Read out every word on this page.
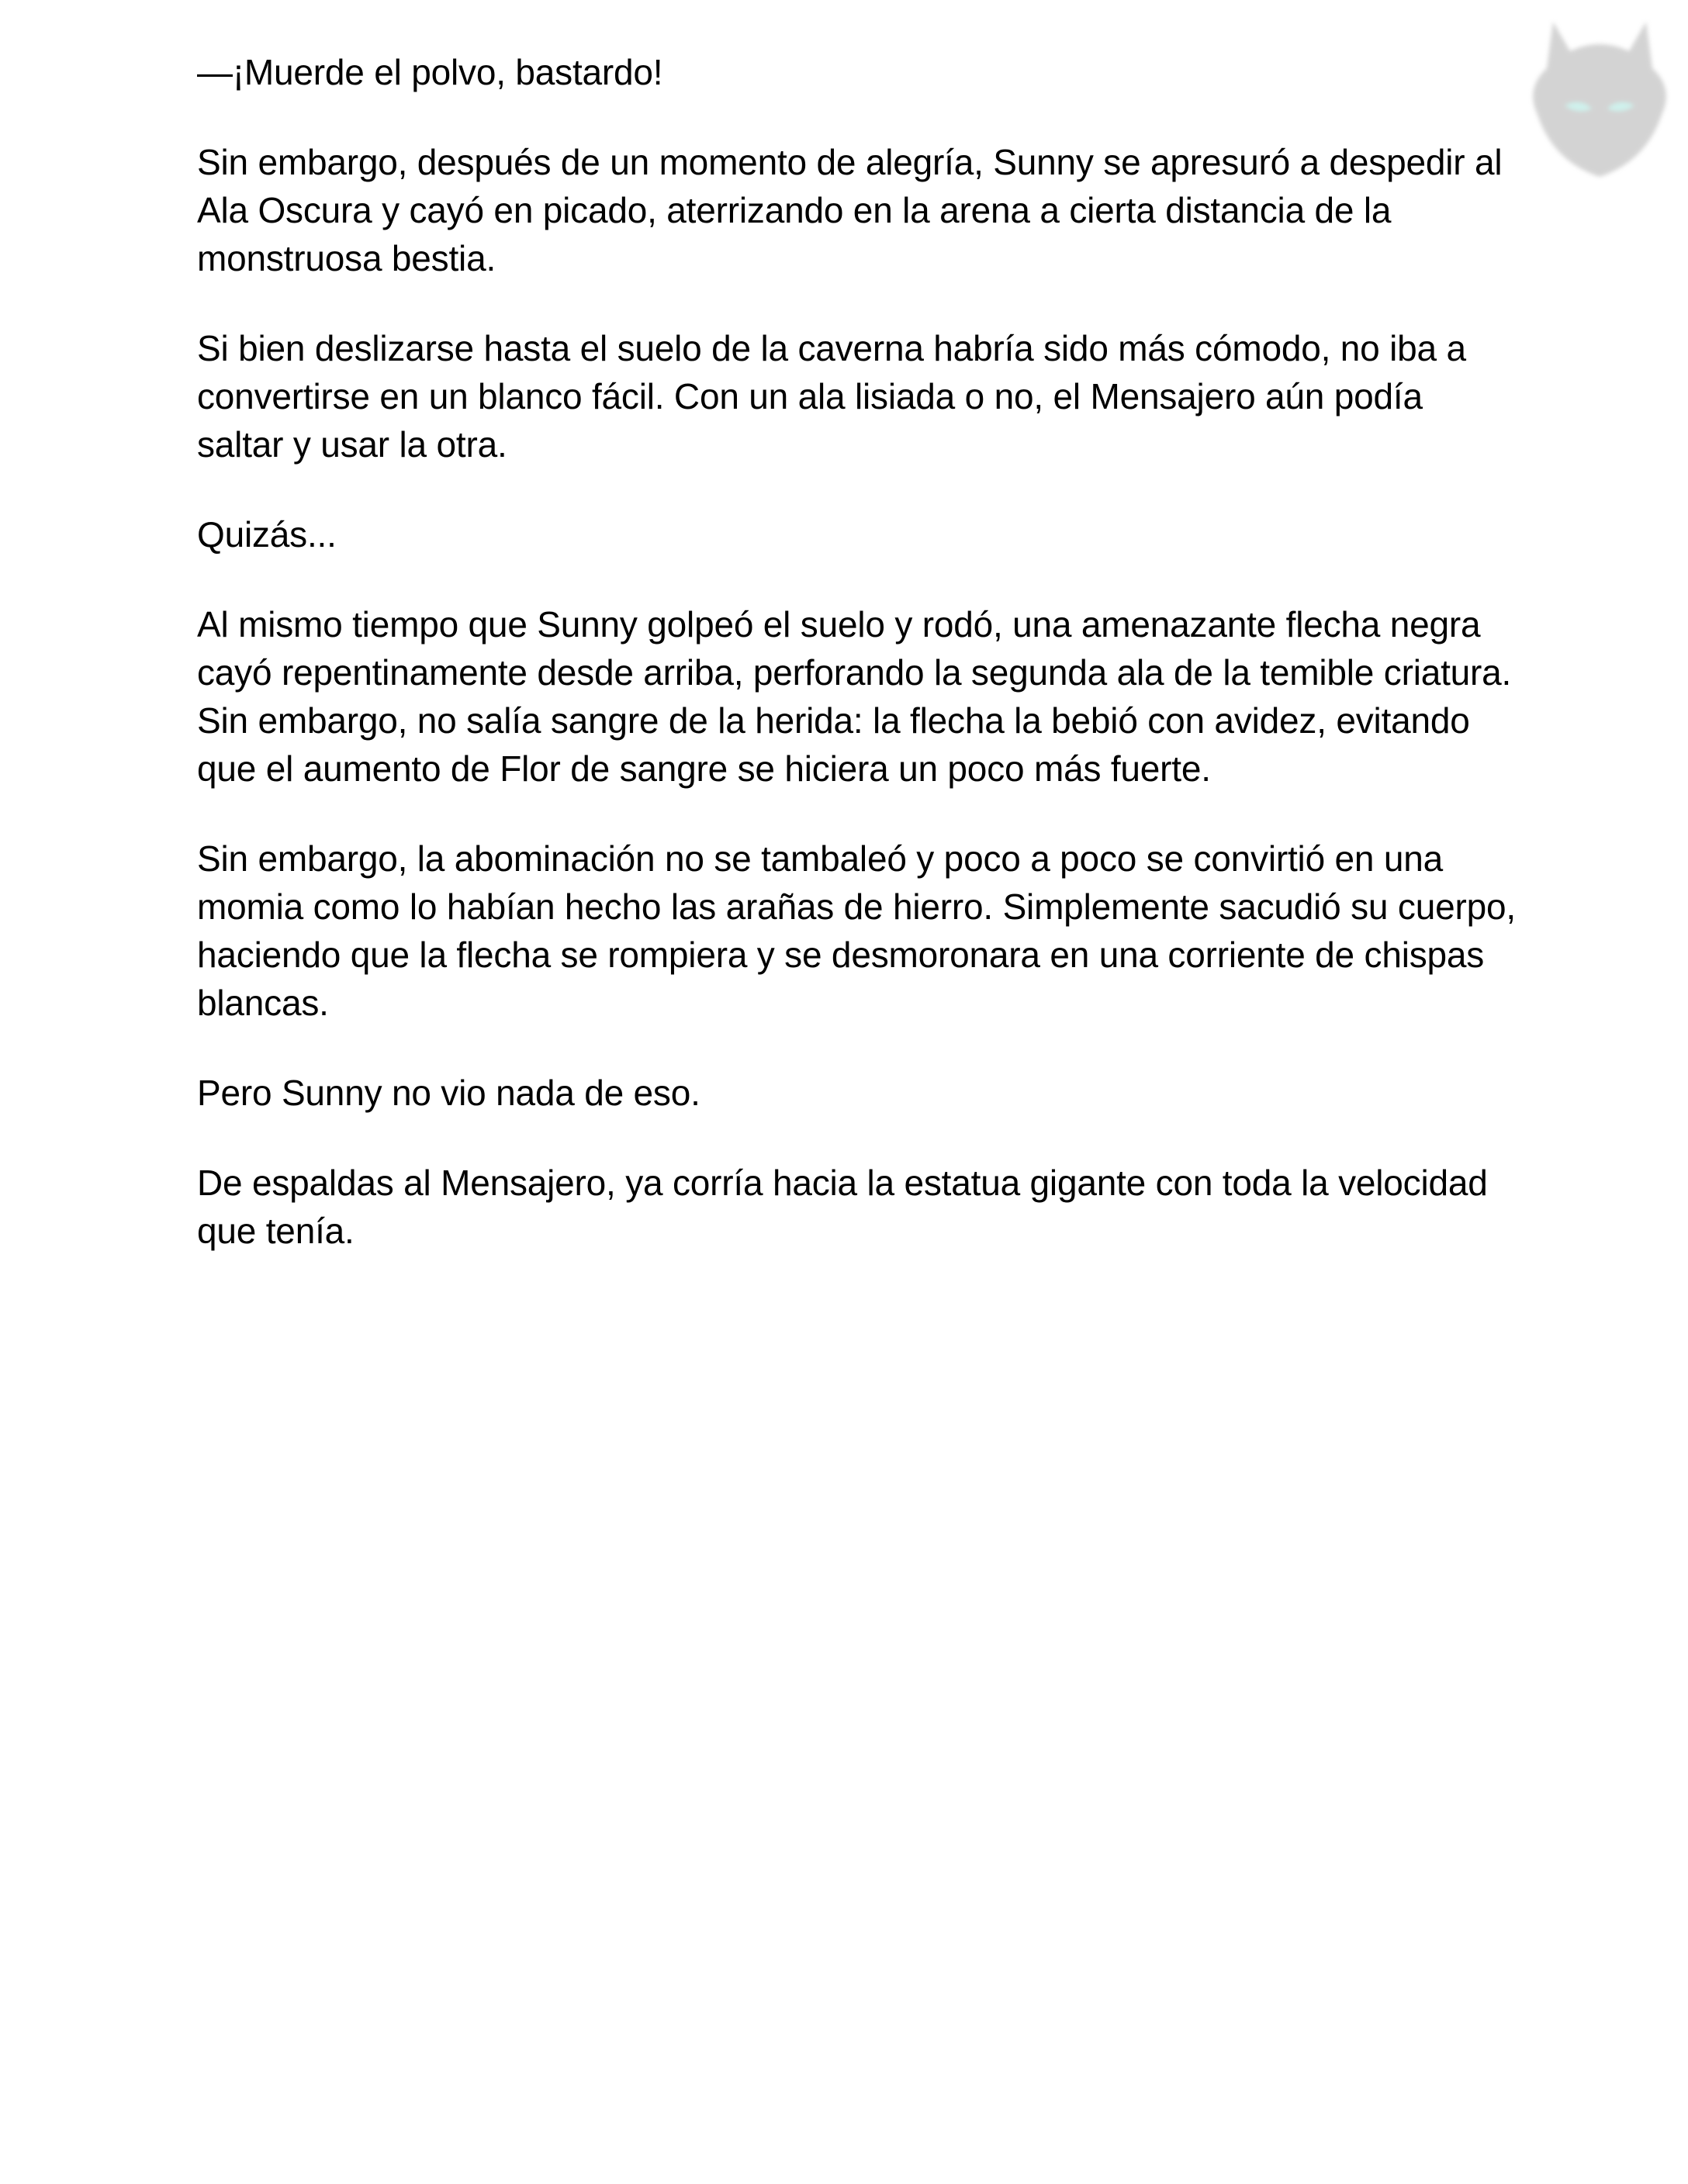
—¡Muerde el polvo, bastardo!

Sin embargo, después de un momento de alegría, Sunny se apresuró a despedir al Ala Oscura y cayó en picado, aterrizando en la arena a cierta distancia de la monstruosa bestia.

Si bien deslizarse hasta el suelo de la caverna habría sido más cómodo, no iba a convertirse en un blanco fácil. Con un ala lisiada o no, el Mensajero aún podía saltar y usar la otra.

Quizás...

Al mismo tiempo que Sunny golpeó el suelo y rodó, una amenazante flecha negra cayó repentinamente desde arriba, perforando la segunda ala de la temible criatura. Sin embargo, no salía sangre de la herida: la flecha la bebió con avidez, evitando que el aumento de Flor de sangre se hiciera un poco más fuerte.

Sin embargo, la abominación no se tambaleó y poco a poco se convirtió en una momia como lo habían hecho las arañas de hierro. Simplemente sacudió su cuerpo, haciendo que la flecha se rompiera y se desmoronara en una corriente de chispas blancas.

Pero Sunny no vio nada de eso.

De espaldas al Mensajero, ya corría hacia la estatua gigante con toda la velocidad que tenía.
